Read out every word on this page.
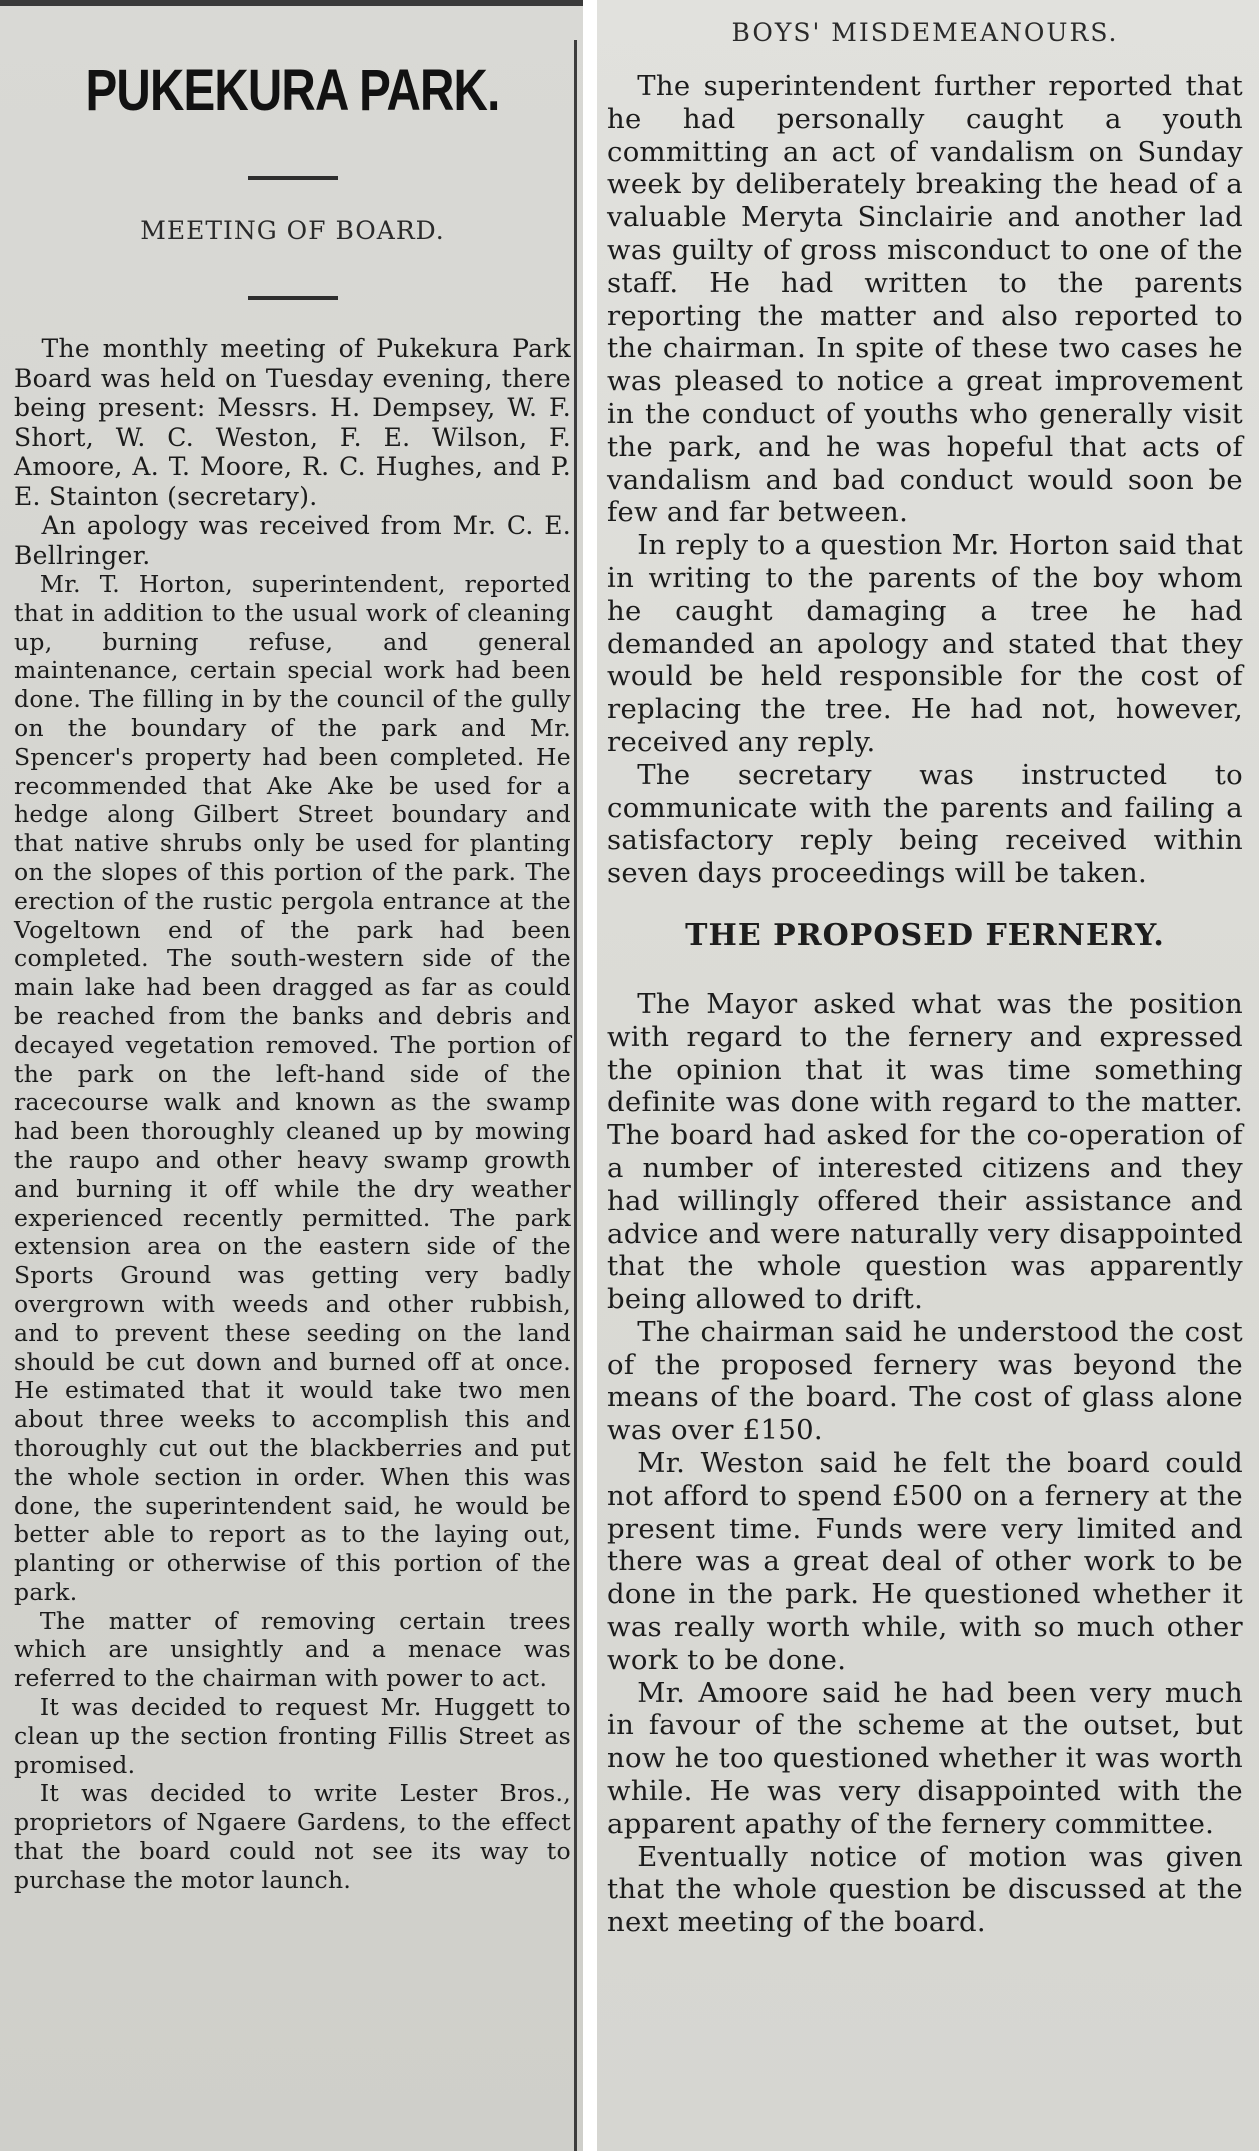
PUKEKURA PARK.
MEETING OF BOARD.

The monthly meeting of Pukekura Park Board was held on Tuesday evening, there being present: Messrs. H. Dempsey, W. F. Short, W. C. Weston, F. E. Wilson, F. Amoore, A. T. Moore, R. C. Hughes, and P. E. Stainton (secretary).

An apology was received from Mr. C. E. Bellringer.

Mr. T. Horton, superintendent, reported that in addition to the usual work of cleaning up, burning refuse, and general maintenance, certain special work had been done. The filling in by the council of the gully on the boundary of the park and Mr. Spencer's property had been completed. He recommended that Ake Ake be used for a hedge along Gilbert Street boundary and that native shrubs only be used for planting on the slopes of this portion of the park. The erection of the rustic pergola entrance at the Vogeltown end of the park had been completed. The south-western side of the main lake had been dragged as far as could be reached from the banks and debris and decayed vegetation removed. The portion of the park on the left-hand side of the racecourse walk and known as the swamp had been thoroughly cleaned up by mowing the raupo and other heavy swamp growth and burning it off while the dry weather experienced recently permitted. The park extension area on the eastern side of the Sports Ground was getting very badly overgrown with weeds and other rubbish, and to prevent these seeding on the land should be cut down and burned off at once. He estimated that it would take two men about three weeks to accomplish this and thoroughly cut out the blackberries and put the whole section in order. When this was done, the superintendent said, he would be better able to report as to the laying out, planting or otherwise of this portion of the park.

The matter of removing certain trees which are unsightly and a menace was referred to the chairman with power to act.

It was decided to request Mr. Huggett to clean up the section fronting Fillis Street as promised.

It was decided to write Lester Bros., proprietors of Ngaere Gardens, to the effect that the board could not see its way to purchase the motor launch.

BOYS' MISDEMEANOURS.

The superintendent further reported that he had personally caught a youth committing an act of vandalism on Sunday week by deliberately breaking the head of a valuable Meryta Sinclairie and another lad was guilty of gross misconduct to one of the staff. He had written to the parents reporting the matter and also reported to the chairman. In spite of these two cases he was pleased to notice a great improvement in the conduct of youths who generally visit the park, and he was hopeful that acts of vandalism and bad conduct would soon be few and far between.

In reply to a question Mr. Horton said that in writing to the parents of the boy whom he caught damaging a tree he had demanded an apology and stated that they would be held responsible for the cost of replacing the tree. He had not, however, received any reply.

The secretary was instructed to communicate with the parents and failing a satisfactory reply being received within seven days proceedings will be taken.

THE PROPOSED FERNERY.

The Mayor asked what was the position with regard to the fernery and expressed the opinion that it was time something definite was done with regard to the matter. The board had asked for the co-operation of a number of interested citizens and they had willingly offered their assistance and advice and were naturally very disappointed that the whole question was apparently being allowed to drift.

The chairman said he understood the cost of the proposed fernery was beyond the means of the board. The cost of glass alone was over £150.

Mr. Weston said he felt the board could not afford to spend £500 on a fernery at the present time. Funds were very limited and there was a great deal of other work to be done in the park. He questioned whether it was really worth while, with so much other work to be done.

Mr. Amoore said he had been very much in favour of the scheme at the outset, but now he too questioned whether it was worth while. He was very disappointed with the apparent apathy of the fernery committee.

Eventually notice of motion was given that the whole question be discussed at the next meeting of the board.
